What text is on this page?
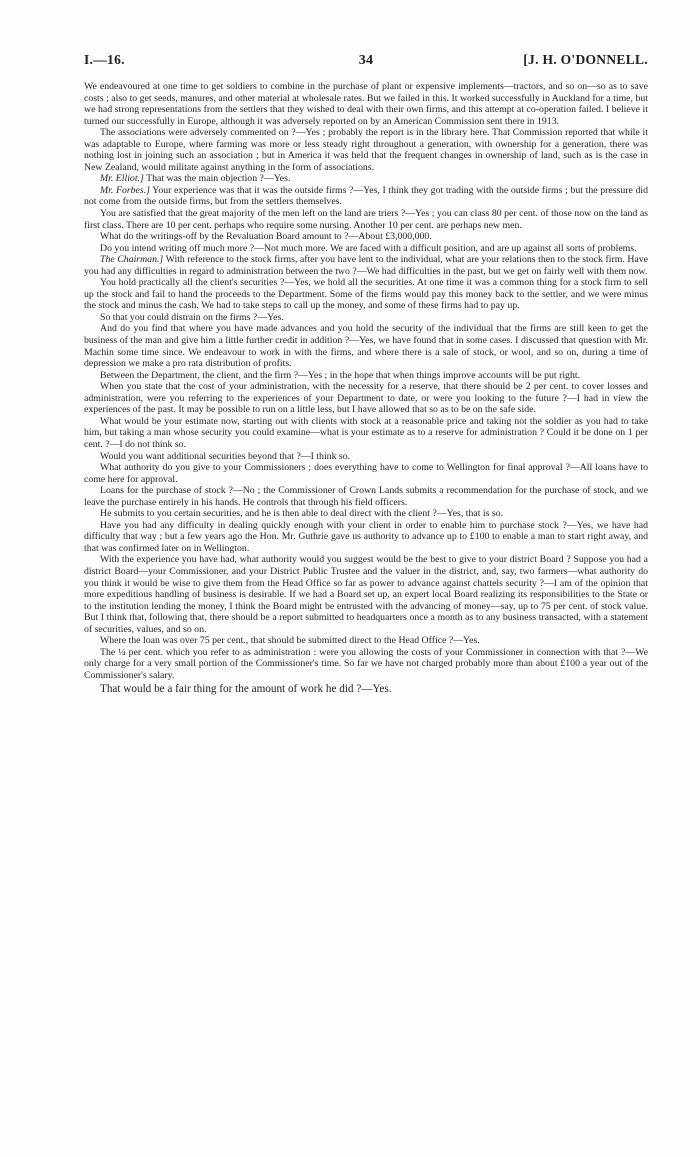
I.—16.	34	[J. H. O'DONNELL.

We endeavoured at one time to get soldiers to combine in the purchase of plant or expensive implements—tractors, and so on—so as to save costs ; also to get seeds, manures, and other material at wholesale rates. But we failed in this. It worked successfully in Auckland for a time, but we had strong representations from the settlers that they wished to deal with their own firms, and this attempt at co-operation failed. I believe it turned our successfully in Europe, although it was adversely reported on by an American Commission sent there in 1913.

The associations were adversely commented on ?—Yes ; probably the report is in the library here. That Commission reported that while it was adaptable to Europe, where farming was more or less steady right throughout a generation, with ownership for a generation, there was nothing lost in joining such an association ; but in America it was held that the frequent changes in ownership of land, such as is the case in New Zealand, would militate against anything in the form of associations.

Mr. Elliot.] That was the main objection ?—Yes.

Mr. Forbes.] Your experience was that it was the outside firms ?—Yes, I think they got trading with the outside firms ; but the pressure did not come from the outside firms, but from the settlers themselves.

You are satisfied that the great majority of the men left on the land are triers ?—Yes ; you can class 80 per cent. of those now on the land as first class. There are 10 per cent. perhaps who require some nursing. Another 10 per cent. are perhaps new men.

What do the writings-off by the Revaluation Board amount to ?—About £3,000,000.

Do you intend writing off much more ?—Not much more. We are faced with a difficult position, and are up against all sorts of problems.

The Chairman.] With reference to the stock firms, after you have lent to the individual, what are your relations then to the stock firm. Have you had any difficulties in regard to administration between the two ?—We had difficulties in the past, but we get on fairly well with them now.

You hold practically all the client's securities ?—Yes, we hold all the securities. At one time it was a common thing for a stock firm to sell up the stock and fail to hand the proceeds to the Department. Some of the firms would pay this money back to the settler, and we were minus the stock and minus the cash. We had to take steps to call up the money, and some of these firms had to pay up.

So that you could distrain on the firms ?—Yes.

And do you find that where you have made advances and you hold the security of the individual that the firms are still keen to get the business of the man and give him a little further credit in addition ?—Yes, we have found that in some cases. I discussed that question with Mr. Machin some time since. We endeavour to work in with the firms, and where there is a sale of stock, or wool, and so on, during a time of depression we make a pro rata distribution of profits.

Between the Department, the client, and the firm ?—Yes ; in the hope that when things improve accounts will be put right.

When you state that the cost of your administration, with the necessity for a reserve, that there should be 2 per cent. to cover losses and administration, were you referring to the experiences of your Department to date, or were you looking to the future ?—I had in view the experiences of the past. It may be possible to run on a little less, but I have allowed that so as to be on the safe side.

What would be your estimate now, starting out with clients with stock at a reasonable price and taking not the soldier as you had to take him, but taking a man whose security you could examine—what is your estimate as to a reserve for administration ? Could it be done on 1 per cent. ?—I do not think so.

Would you want additional securities beyond that ?—I think so.

What authority do you give to your Commissioners ; does everything have to come to Wellington for final approval ?—All loans have to come here for approval.

Loans for the purchase of stock ?—No ; the Commissioner of Crown Lands submits a recommendation for the purchase of stock, and we leave the purchase entirely in his hands. He controls that through his field officers.

He submits to you certain securities, and he is then able to deal direct with the client ?—Yes, that is so.

Have you had any difficulty in dealing quickly enough with your client in order to enable him to purchase stock ?—Yes, we have had difficulty that way ; but a few years ago the Hon. Mr. Guthrie gave us authority to advance up to £100 to enable a man to start right away, and that was confirmed later on in Wellington.

With the experience you have had, what authority would you suggest would be the best to give to your district Board ? Suppose you had a district Board—your Commissioner, and your District Public Trustee and the valuer in the district, and, say, two farmers—what authority do you think it would be wise to give them from the Head Office so far as power to advance against chattels security ?—I am of the opinion that more expeditious handling of business is desirable. If we had a Board set up, an expert local Board realizing its responsibilities to the State or to the institution lending the money, I think the Board might be entrusted with the advancing of money—say, up to 75 per cent. of stock value. But I think that, following that, there should be a report submitted to headquarters once a month as to any business transacted, with a statement of securities, values, and so on.

Where the loan was over 75 per cent., that should be submitted direct to the Head Office ?—Yes.

The ¼ per cent. which you refer to as administration : were you allowing the costs of your Commissioner in connection with that ?—We only charge for a very small portion of the Commissioner's time. So far we have not charged probably more than about £100 a year out of the Commissioner's salary.

That would be a fair thing for the amount of work he did ?—Yes.
